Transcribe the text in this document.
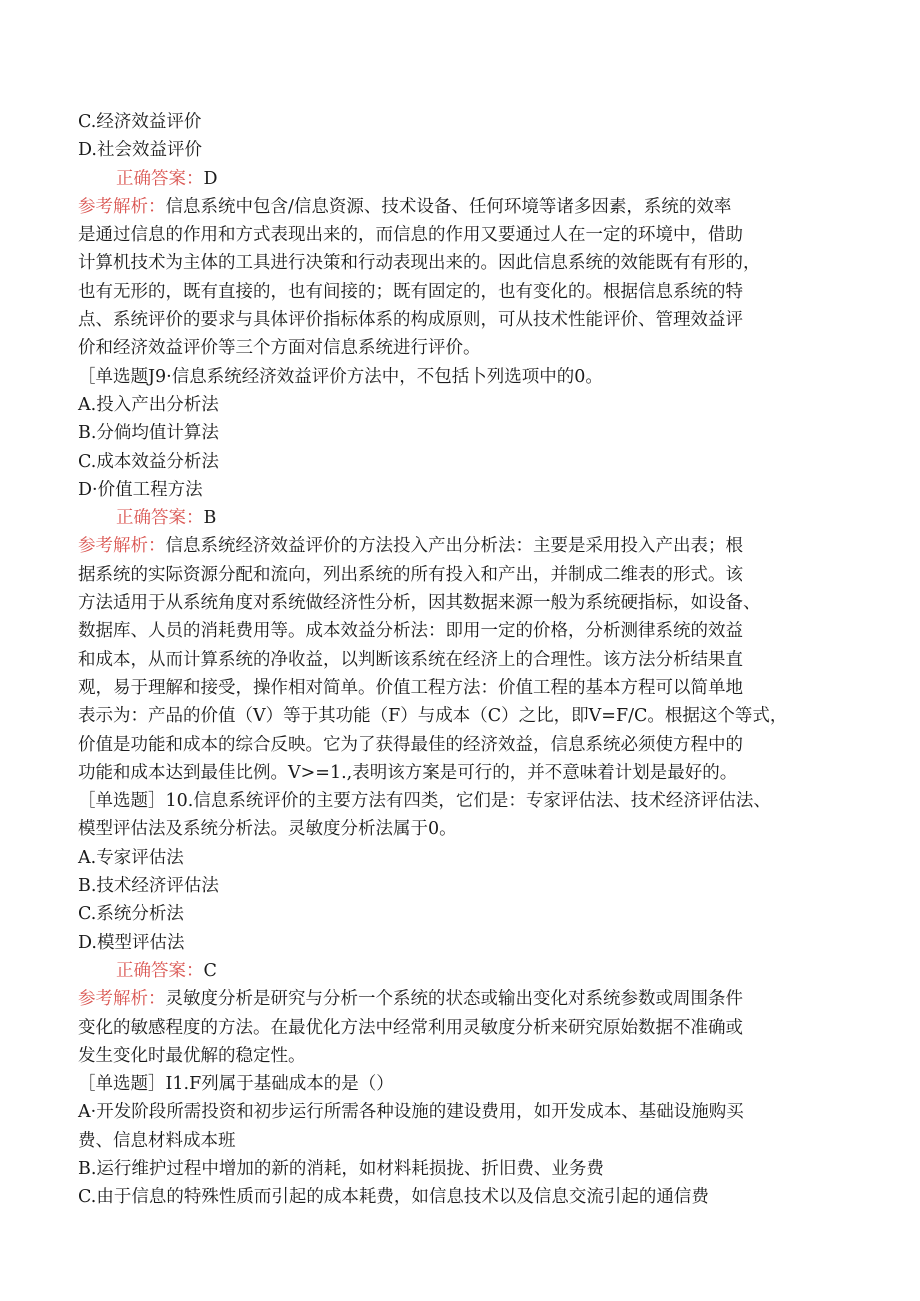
C.经济效益评价
D.社会效益评价
正确答案：D
参考解析：信息系统中包含/信息资源、技术设备、任何环境等诸多因素，系统的效率
是通过信息的作用和方式表现出来的，而信息的作用又要通过人在一定的环境中，借助
计算机技术为主体的工具进行决策和行动表现出来的。因此信息系统的效能既有有形的，
也有无形的，既有直接的，也有间接的；既有固定的，也有变化的。根据信息系统的特
点、系统评价的要求与具体评价指标体系的构成原则，可从技术性能评价、管理效益评
价和经济效益评价等三个方面对信息系统进行评价。
［单选题J9·信息系统经济效益评价方法中，不包括卜列选项中的0。
A.投入产出分析法
B.分倘均值计算法
C.成本效益分析法
D·价值工程方法
正确答案：B
参考解析：信息系统经济效益评价的方法投入产出分析法：主要是采用投入产出表；根
据系统的实际资源分配和流向，列出系统的所有投入和产出，并制成二维表的形式。该
方法适用于从系统角度对系统做经济性分析，因其数据来源一般为系统硬指标，如设备、
数据库、人员的消耗费用等。成本效益分析法：即用一定的价格，分析测律系统的效益
和成本，从而计算系统的净收益，以判断该系统在经济上的合理性。该方法分析结果直
观，易于理解和接受，操作相对简单。价值工程方法：价值工程的基本方程可以简单地
表示为：产品的价值（V）等于其功能（F）与成本（C）之比，即V=F/C。根据这个等式，
价值是功能和成本的综合反映。它为了获得最佳的经济效益，信息系统必须使方程中的
功能和成本达到最佳比例。V>=1.,表明该方案是可行的，并不意味着计划是最好的。
［单选题］10.信息系统评价的主要方法有四类，它们是：专家评估法、技术经济评估法、
模型评估法及系统分析法。灵敏度分析法属于0。
A.专家评估法
B.技术经济评估法
C.系统分析法
D.模型评估法
正确答案：C
参考解析：灵敏度分析是研究与分析一个系统的状态或输出变化对系统参数或周围条件
变化的敏感程度的方法。在最优化方法中经常利用灵敏度分析来研究原始数据不准确或
发生变化时最优解的稳定性。
［单选题］I1.F列属于基础成本的是（）
A·开发阶段所需投资和初步运行所需各种设施的建设费用，如开发成本、基础设施购买
费、信息材料成本班
B.运行维护过程中增加的新的消耗，如材料耗损拢、折旧费、业务费
C.由于信息的特殊性质而引起的成本耗费，如信息技术以及信息交流引起的通信费
